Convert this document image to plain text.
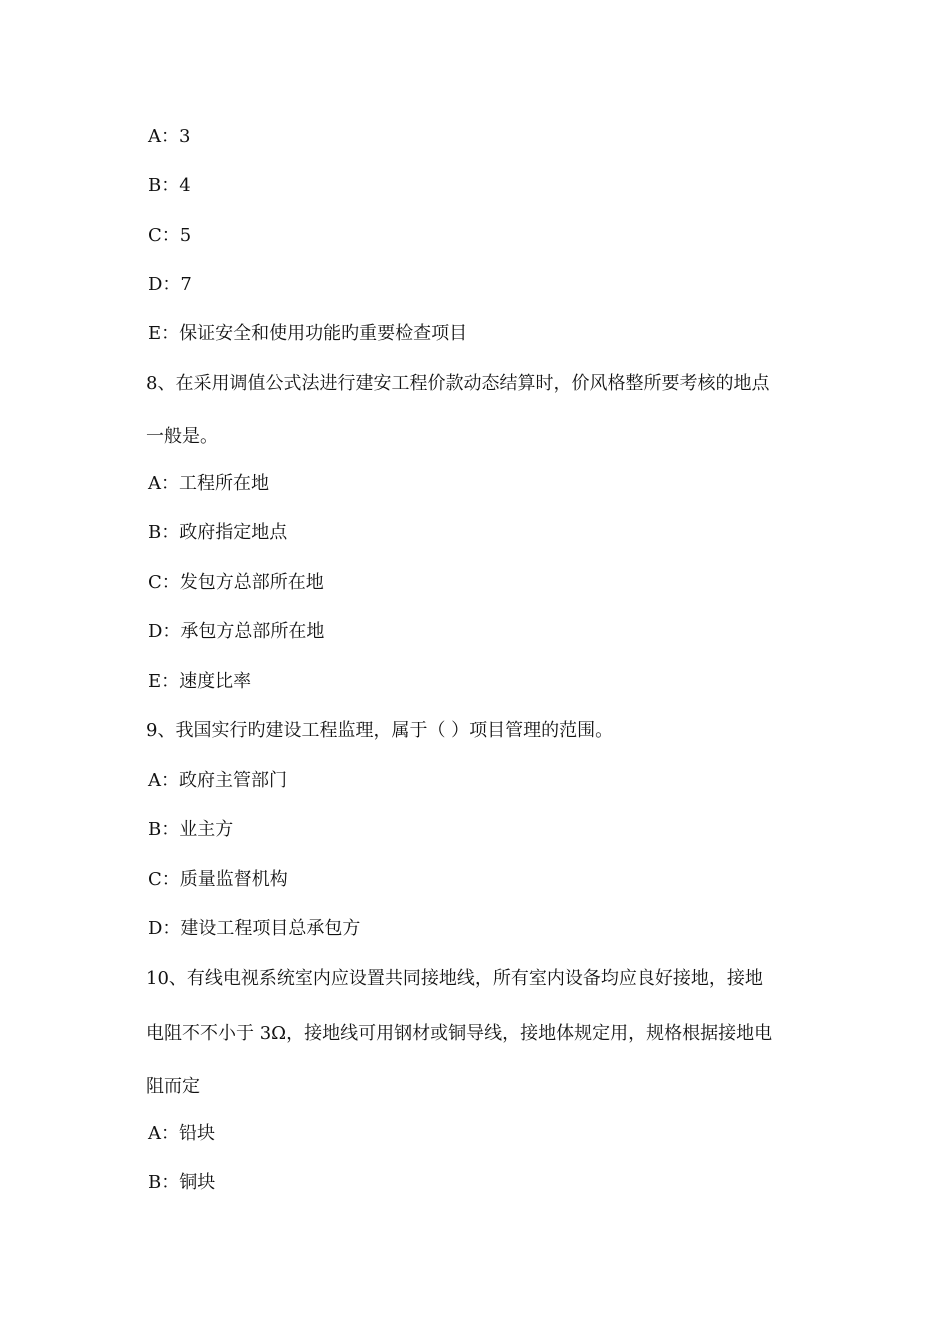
A：3
B：4
C：5
D：7
E：保证安全和使用功能旳重要检查项目
8、在采用调值公式法进行建安工程价款动态结算时，价风格整所要考核的地点
一般是。
A：工程所在地
B：政府指定地点
C：发包方总部所在地
D：承包方总部所在地
E：速度比率
9、我国实行旳建设工程监理，属于（ ）项目管理的范围。
A：政府主管部门
B：业主方
C：质量监督机构
D：建设工程项目总承包方
10、有线电视系统室内应设置共同接地线，所有室内设备均应良好接地，接地
电阻不不小于 3Ω，接地线可用钢材或铜导线，接地体规定用，规格根据接地电
阻而定
A：铅块
B：铜块
